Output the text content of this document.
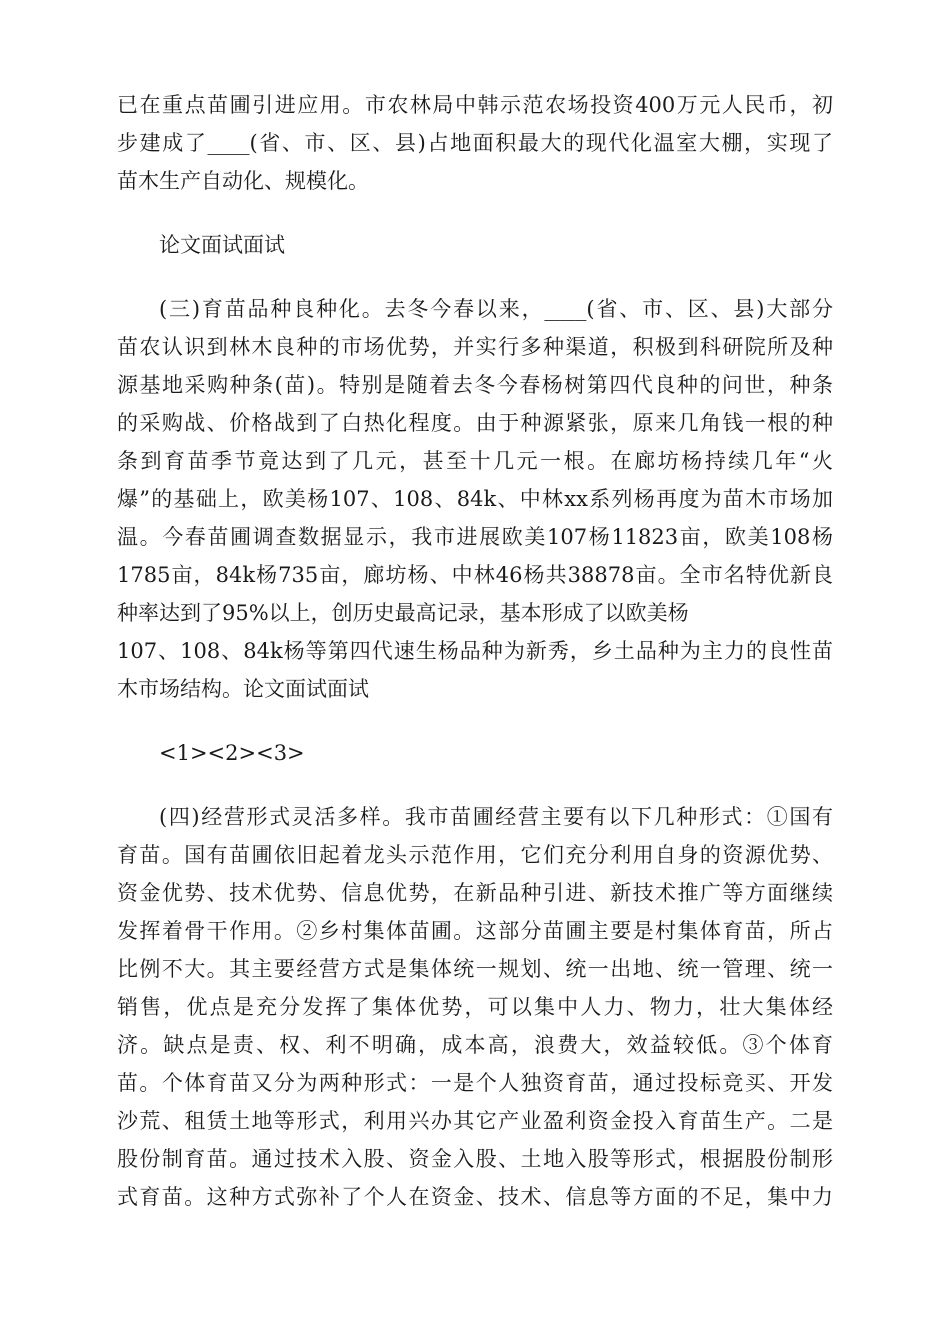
已在重点苗圃引进应用。市农林局中韩示范农场投资400万元人民币，初
步建成了____(省、市、区、县)占地面积最大的现代化温室大棚，实现了
苗木生产自动化、规模化。
论文面试面试
(三)育苗品种良种化。去冬今春以来，____(省、市、区、县)大部分
苗农认识到林木良种的市场优势，并实行多种渠道，积极到科研院所及种
源基地采购种条(苗)。特别是随着去冬今春杨树第四代良种的问世，种条
的采购战、价格战到了白热化程度。由于种源紧张，原来几角钱一根的种
条到育苗季节竟达到了几元，甚至十几元一根。在廊坊杨持续几年“火
爆”的基础上，欧美杨107、108、84k、中林xx系列杨再度为苗木市场加
温。今春苗圃调查数据显示，我市进展欧美107杨11823亩，欧美108杨
1785亩，84k杨735亩，廊坊杨、中林46杨共38878亩。全市名特优新良
种率达到了95%以上，创历史最高记录，基本形成了以欧美杨
107、108、84k杨等第四代速生杨品种为新秀，乡土品种为主力的良性苗
木市场结构。论文面试面试
<1><2><3>
(四)经营形式灵活多样。我市苗圃经营主要有以下几种形式：①国有
育苗。国有苗圃依旧起着龙头示范作用，它们充分利用自身的资源优势、
资金优势、技术优势、信息优势，在新品种引进、新技术推广等方面继续
发挥着骨干作用。②乡村集体苗圃。这部分苗圃主要是村集体育苗，所占
比例不大。其主要经营方式是集体统一规划、统一出地、统一管理、统一
销售，优点是充分发挥了集体优势，可以集中人力、物力，壮大集体经
济。缺点是责、权、利不明确，成本高，浪费大，效益较低。③个体育
苗。个体育苗又分为两种形式：一是个人独资育苗，通过投标竞买、开发
沙荒、租赁土地等形式，利用兴办其它产业盈利资金投入育苗生产。二是
股份制育苗。通过技术入股、资金入股、土地入股等形式，根据股份制形
式育苗。这种方式弥补了个人在资金、技术、信息等方面的不足，集中力
